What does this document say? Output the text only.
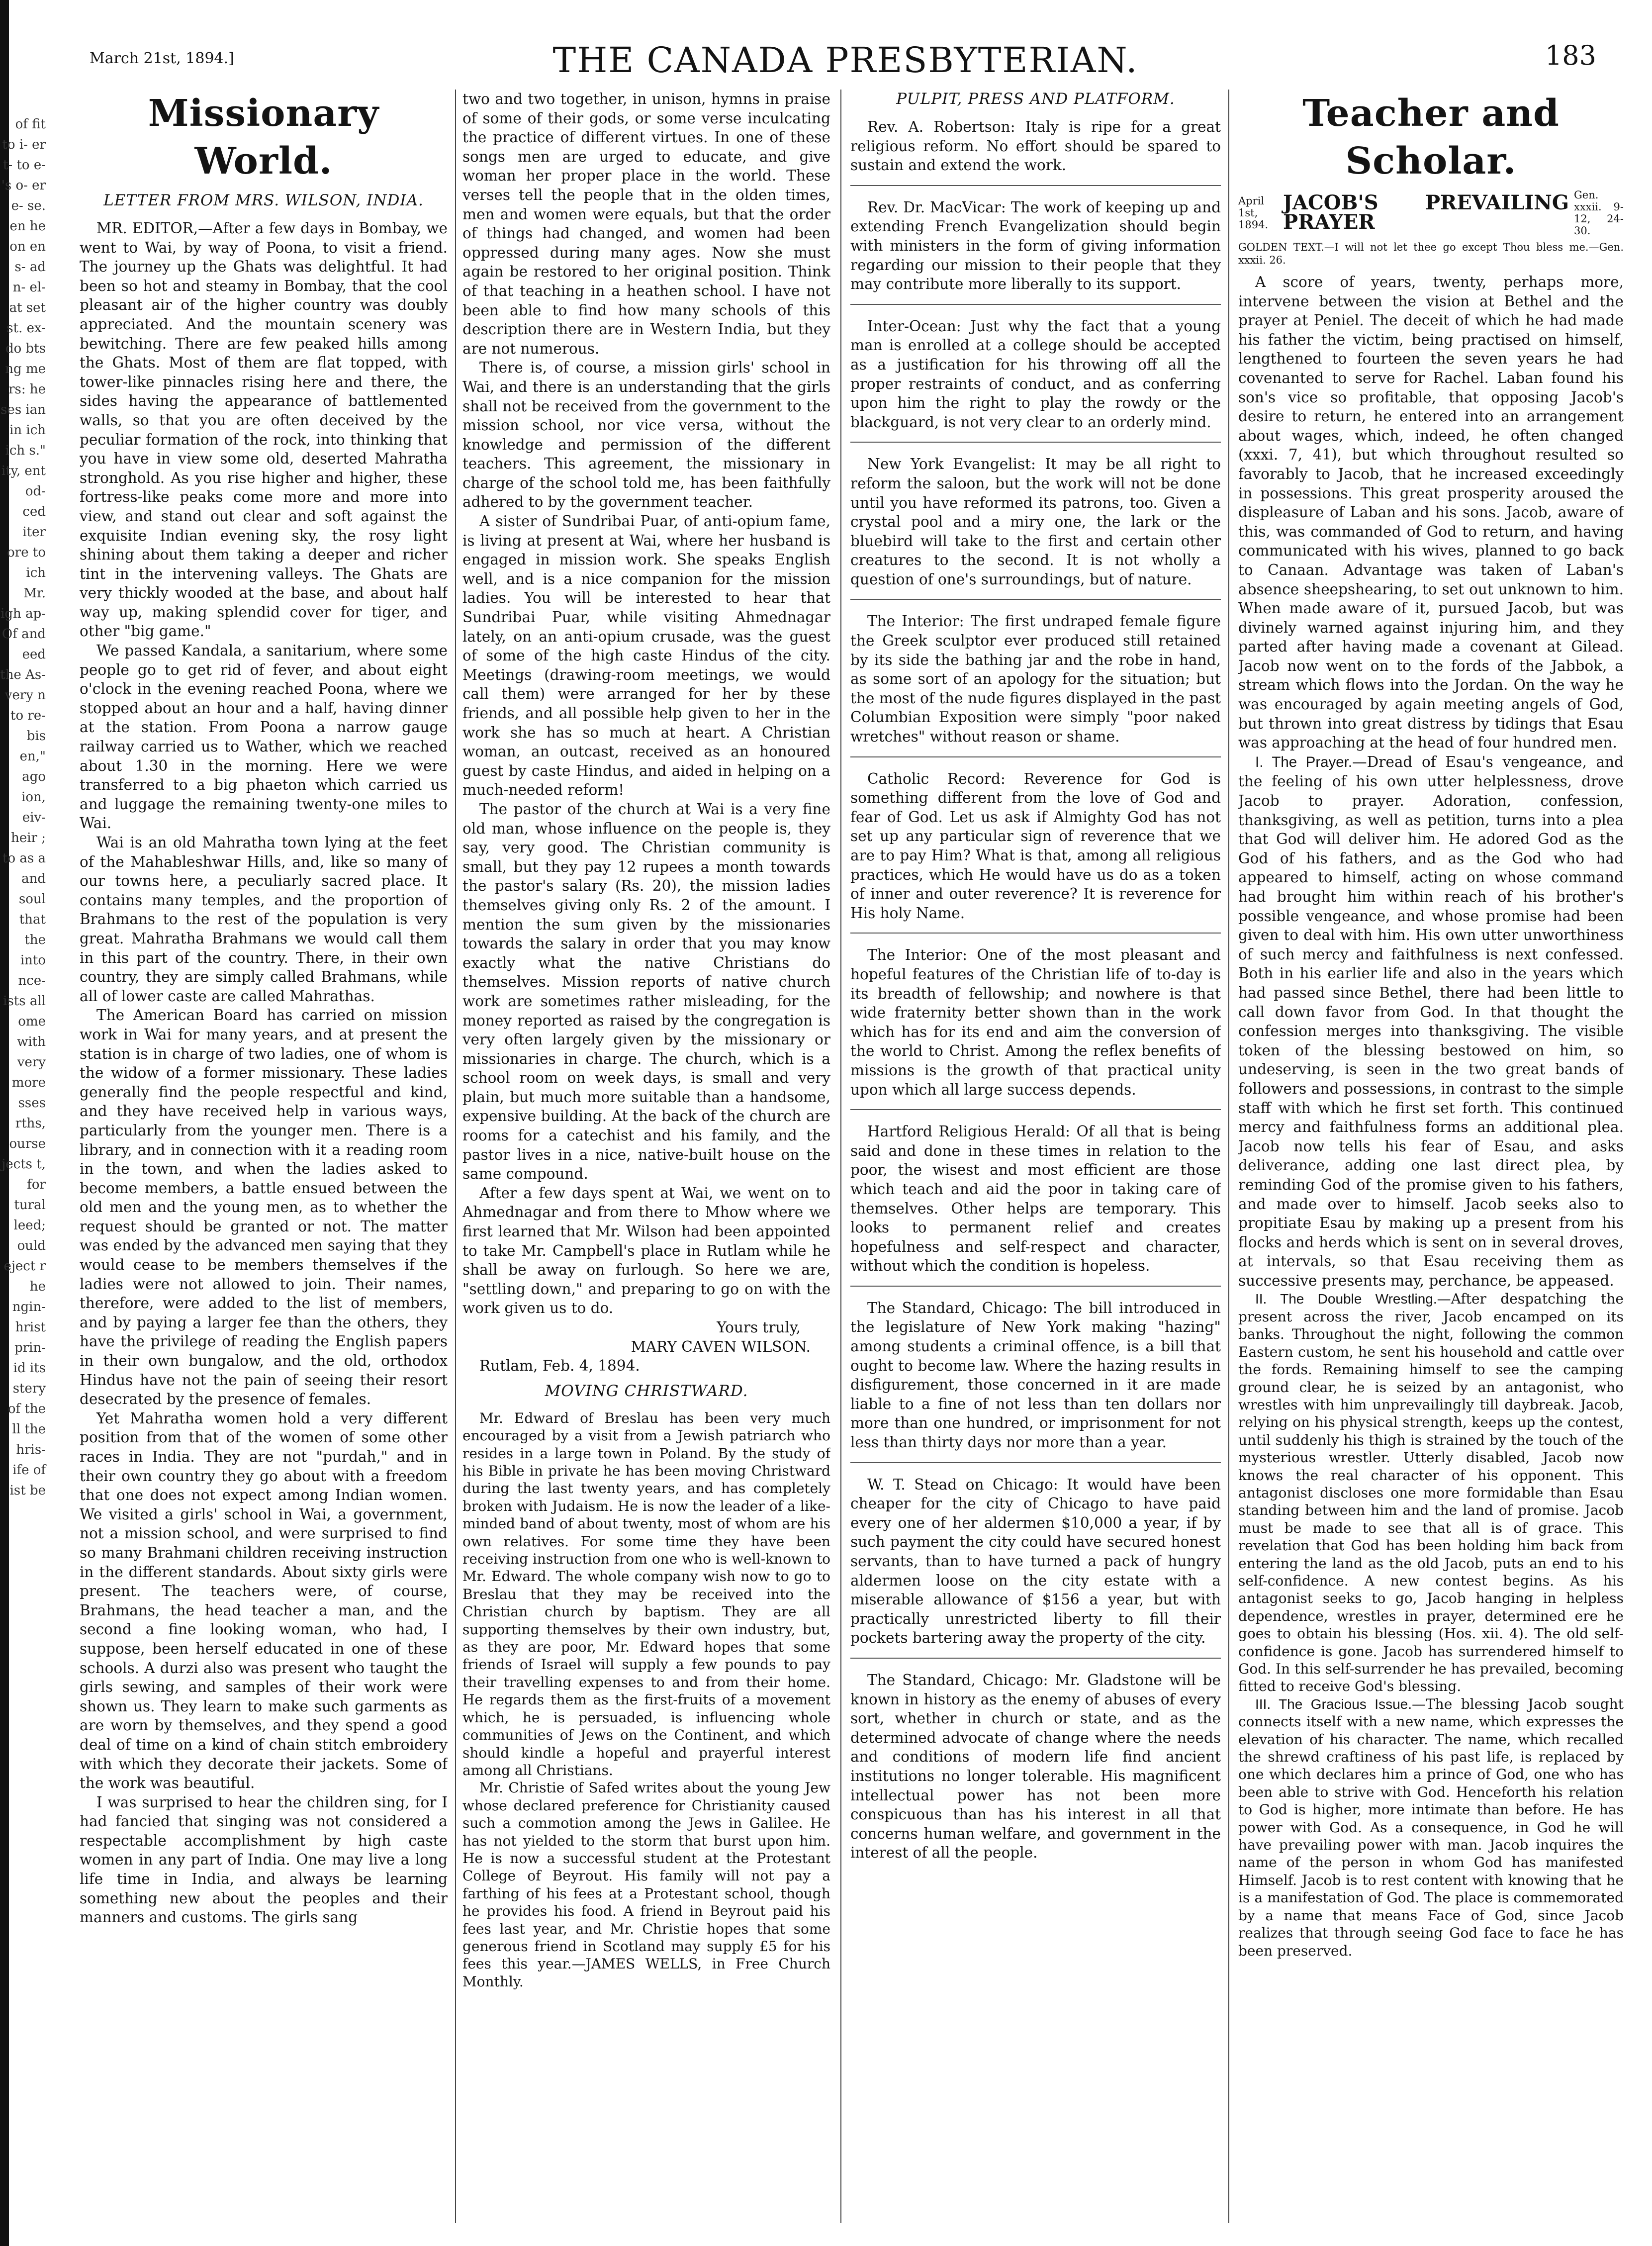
of fit to i- er t- to e- 's o- er e- se. en he on en s- ad n- el- at set st. ex- do bts ng me rs: he ses ian in ich ich s." ity, ent od- ced iter ore to ich Mr. igh ap- Of and eed the As- very n to re- bis en," ago ion, eiv- heir ; to as a and soul that the into nce- ists all ome with very more sses rths, ourse jects t, for tural leed; ould eject r he ngin- hrist prin- id its stery of the ll the hris- ife of ist be
March 21st, 1894.]	THE CANADA PRESBYTERIAN.	183
Missionary World.
LETTER FROM MRS. WILSON, INDIA.

MR. EDITOR,—After a few days in Bombay, we went to Wai, by way of Poona, to visit a friend. The journey up the Ghats was delightful. It had been so hot and steamy in Bombay, that the cool pleasant air of the higher country was doubly appreciated. And the mountain scenery was bewitching. There are few peaked hills among the Ghats. Most of them are flat topped, with tower-like pinnacles rising here and there, the sides having the appearance of battlemented walls, so that you are often deceived by the peculiar formation of the rock, into thinking that you have in view some old, deserted Mahratha stronghold. As you rise higher and higher, these fortress-like peaks come more and more into view, and stand out clear and soft against the exquisite Indian evening sky, the rosy light shining about them taking a deeper and richer tint in the intervening valleys. The Ghats are very thickly wooded at the base, and about half way up, making splendid cover for tiger, and other "big game."

We passed Kandala, a sanitarium, where some people go to get rid of fever, and about eight o'clock in the evening reached Poona, where we stopped about an hour and a half, having dinner at the station. From Poona a narrow gauge railway carried us to Wather, which we reached about 1.30 in the morning. Here we were transferred to a big phaeton which carried us and luggage the remaining twenty-one miles to Wai.

Wai is an old Mahratha town lying at the feet of the Mahableshwar Hills, and, like so many of our towns here, a peculiarly sacred place. It contains many temples, and the proportion of Brahmans to the rest of the population is very great. Mahratha Brahmans we would call them in this part of the country. There, in their own country, they are simply called Brahmans, while all of lower caste are called Mahrathas.

The American Board has carried on mission work in Wai for many years, and at present the station is in charge of two ladies, one of whom is the widow of a former missionary. These ladies generally find the people respectful and kind, and they have received help in various ways, particularly from the younger men. There is a library, and in connection with it a reading room in the town, and when the ladies asked to become members, a battle ensued between the old men and the young men, as to whether the request should be granted or not. The matter was ended by the advanced men saying that they would cease to be members themselves if the ladies were not allowed to join. Their names, therefore, were added to the list of members, and by paying a larger fee than the others, they have the privilege of reading the English papers in their own bungalow, and the old, orthodox Hindus have not the pain of seeing their resort desecrated by the presence of females.

Yet Mahratha women hold a very different position from that of the women of some other races in India. They are not "purdah," and in their own country they go about with a freedom that one does not expect among Indian women. We visited a girls' school in Wai, a government, not a mission school, and were surprised to find so many Brahmani children receiving instruction in the different standards. About sixty girls were present. The teachers were, of course, Brahmans, the head teacher a man, and the second a fine looking woman, who had, I suppose, been herself educated in one of these schools. A durzi also was present who taught the girls sewing, and samples of their work were shown us. They learn to make such garments as are worn by themselves, and they spend a good deal of time on a kind of chain stitch embroidery with which they decorate their jackets. Some of the work was beautiful.

I was surprised to hear the children sing, for I had fancied that singing was not considered a respectable accomplishment by high caste women in any part of India. One may live a long life time in India, and always be learning something new about the peoples and their manners and customs. The girls sang

two and two together, in unison, hymns in praise of some of their gods, or some verse inculcating the practice of different virtues. In one of these songs men are urged to educate, and give woman her proper place in the world. These verses tell the people that in the olden times, men and women were equals, but that the order of things had changed, and women had been oppressed during many ages. Now she must again be restored to her original position. Think of that teaching in a heathen school. I have not been able to find how many schools of this description there are in Western India, but they are not numerous.

There is, of course, a mission girls' school in Wai, and there is an understanding that the girls shall not be received from the government to the mission school, nor vice versa, without the knowledge and permission of the different teachers. This agreement, the missionary in charge of the school told me, has been faithfully adhered to by the government teacher.

A sister of Sundribai Puar, of anti-opium fame, is living at present at Wai, where her husband is engaged in mission work. She speaks English well, and is a nice companion for the mission ladies. You will be interested to hear that Sundribai Puar, while visiting Ahmednagar lately, on an anti-opium crusade, was the guest of some of the high caste Hindus of the city. Meetings (drawing-room meetings, we would call them) were arranged for her by these friends, and all possible help given to her in the work she has so much at heart. A Christian woman, an outcast, received as an honoured guest by caste Hindus, and aided in helping on a much-needed reform!

The pastor of the church at Wai is a very fine old man, whose influence on the people is, they say, very good. The Christian community is small, but they pay 12 rupees a month towards the pastor's salary (Rs. 20), the mission ladies themselves giving only Rs. 2 of the amount. I mention the sum given by the missionaries towards the salary in order that you may know exactly what the native Christians do themselves. Mission reports of native church work are sometimes rather misleading, for the money reported as raised by the congregation is very often largely given by the missionary or missionaries in charge. The church, which is a school room on week days, is small and very plain, but much more suitable than a handsome, expensive building. At the back of the church are rooms for a catechist and his family, and the pastor lives in a nice, native-built house on the same compound.

After a few days spent at Wai, we went on to Ahmednagar and from there to Mhow where we first learned that Mr. Wilson had been appointed to take Mr. Campbell's place in Rutlam while he shall be away on furlough. So here we are, "settling down," and preparing to go on with the work given us to do.

Yours truly,
MARY CAVEN WILSON.
Rutlam, Feb. 4, 1894.
MOVING CHRISTWARD.

Mr. Edward of Breslau has been very much encouraged by a visit from a Jewish patriarch who resides in a large town in Poland. By the study of his Bible in private he has been moving Christward during the last twenty years, and has completely broken with Judaism. He is now the leader of a like-minded band of about twenty, most of whom are his own relatives. For some time they have been receiving instruction from one who is well-known to Mr. Edward. The whole company wish now to go to Breslau that they may be received into the Christian church by baptism. They are all supporting themselves by their own industry, but, as they are poor, Mr. Edward hopes that some friends of Israel will supply a few pounds to pay their travelling expenses to and from their home. He regards them as the first-fruits of a movement which, he is persuaded, is influencing whole communities of Jews on the Continent, and which should kindle a hopeful and prayerful interest among all Christians.

Mr. Christie of Safed writes about the young Jew whose declared preference for Christianity caused such a commotion among the Jews in Galilee. He has not yielded to the storm that burst upon him. He is now a successful student at the Protestant College of Beyrout. His family will not pay a farthing of his fees at a Protestant school, though he provides his food. A friend in Beyrout paid his fees last year, and Mr. Christie hopes that some generous friend in Scotland may supply £5 for his fees this year.—JAMES WELLS, in Free Church Monthly.

PULPIT, PRESS AND PLATFORM.

Rev. A. Robertson: Italy is ripe for a great religious reform. No effort should be spared to sustain and extend the work.

Rev. Dr. MacVicar: The work of keeping up and extending French Evangelization should begin with ministers in the form of giving information regarding our mission to their people that they may contribute more liberally to its support.

Inter-Ocean: Just why the fact that a young man is enrolled at a college should be accepted as a justification for his throwing off all the proper restraints of conduct, and as conferring upon him the right to play the rowdy or the blackguard, is not very clear to an orderly mind.

New York Evangelist: It may be all right to reform the saloon, but the work will not be done until you have reformed its patrons, too. Given a crystal pool and a miry one, the lark or the bluebird will take to the first and certain other creatures to the second. It is not wholly a question of one's surroundings, but of nature.

The Interior: The first undraped female figure the Greek sculptor ever produced still retained by its side the bathing jar and the robe in hand, as some sort of an apology for the situation; but the most of the nude figures displayed in the past Columbian Exposition were simply "poor naked wretches" without reason or shame.

Catholic Record: Reverence for God is something different from the love of God and fear of God. Let us ask if Almighty God has not set up any particular sign of reverence that we are to pay Him? What is that, among all religious practices, which He would have us do as a token of inner and outer reverence? It is reverence for His holy Name.

The Interior: One of the most pleasant and hopeful features of the Christian life of to-day is its breadth of fellowship; and nowhere is that wide fraternity better shown than in the work which has for its end and aim the conversion of the world to Christ. Among the reflex benefits of missions is the growth of that practical unity upon which all large success depends.

Hartford Religious Herald: Of all that is being said and done in these times in relation to the poor, the wisest and most efficient are those which teach and aid the poor in taking care of themselves. Other helps are temporary. This looks to permanent relief and creates hopefulness and self-respect and character, without which the condition is hopeless.

The Standard, Chicago: The bill introduced in the legislature of New York making "hazing" among students a criminal offence, is a bill that ought to become law. Where the hazing results in disfigurement, those concerned in it are made liable to a fine of not less than ten dollars nor more than one hundred, or imprisonment for not less than thirty days nor more than a year.

W. T. Stead on Chicago: It would have been cheaper for the city of Chicago to have paid every one of her aldermen $10,000 a year, if by such payment the city could have secured honest servants, than to have turned a pack of hungry aldermen loose on the city estate with a miserable allowance of $156 a year, but with practically unrestricted liberty to fill their pockets bartering away the property of the city.

The Standard, Chicago: Mr. Gladstone will be known in history as the enemy of abuses of every sort, whether in church or state, and as the determined advocate of change where the needs and conditions of modern life find ancient institutions no longer tolerable. His magnificent intellectual power has not been more conspicuous than has his interest in all that concerns human welfare, and government in the interest of all the people.

Teacher and Scholar.
April 1st, 1894.
JACOB'S PREVAILING PRAYER
Gen. xxxii. 9-12, 24-30.
GOLDEN TEXT.—I will not let thee go except Thou bless me.—Gen. xxxii. 26.

A score of years, twenty, perhaps more, intervene between the vision at Bethel and the prayer at Peniel. The deceit of which he had made his father the victim, being practised on himself, lengthened to fourteen the seven years he had covenanted to serve for Rachel. Laban found his son's vice so profitable, that opposing Jacob's desire to return, he entered into an arrangement about wages, which, indeed, he often changed (xxxi. 7, 41), but which throughout resulted so favorably to Jacob, that he increased exceedingly in possessions. This great prosperity aroused the displeasure of Laban and his sons. Jacob, aware of this, was commanded of God to return, and having communicated with his wives, planned to go back to Canaan. Advantage was taken of Laban's absence sheepshearing, to set out unknown to him. When made aware of it, pursued Jacob, but was divinely warned against injuring him, and they parted after having made a covenant at Gilead. Jacob now went on to the fords of the Jabbok, a stream which flows into the Jordan. On the way he was encouraged by again meeting angels of God, but thrown into great distress by tidings that Esau was approaching at the head of four hundred men.

I. The Prayer.—Dread of Esau's vengeance, and the feeling of his own utter helplessness, drove Jacob to prayer. Adoration, confession, thanksgiving, as well as petition, turns into a plea that God will deliver him. He adored God as the God of his fathers, and as the God who had appeared to himself, acting on whose command had brought him within reach of his brother's possible vengeance, and whose promise had been given to deal with him. His own utter unworthiness of such mercy and faithfulness is next confessed. Both in his earlier life and also in the years which had passed since Bethel, there had been little to call down favor from God. In that thought the confession merges into thanksgiving. The visible token of the blessing bestowed on him, so undeserving, is seen in the two great bands of followers and possessions, in contrast to the simple staff with which he first set forth. This continued mercy and faithfulness forms an additional plea. Jacob now tells his fear of Esau, and asks deliverance, adding one last direct plea, by reminding God of the promise given to his fathers, and made over to himself. Jacob seeks also to propitiate Esau by making up a present from his flocks and herds which is sent on in several droves, at intervals, so that Esau receiving them as successive presents may, perchance, be appeased.

II. The Double Wrestling.—After despatching the present across the river, Jacob encamped on its banks. Throughout the night, following the common Eastern custom, he sent his household and cattle over the fords. Remaining himself to see the camping ground clear, he is seized by an antagonist, who wrestles with him unprevailingly till daybreak. Jacob, relying on his physical strength, keeps up the contest, until suddenly his thigh is strained by the touch of the mysterious wrestler. Utterly disabled, Jacob now knows the real character of his opponent. This antagonist discloses one more formidable than Esau standing between him and the land of promise. Jacob must be made to see that all is of grace. This revelation that God has been holding him back from entering the land as the old Jacob, puts an end to his self-confidence. A new contest begins. As his antagonist seeks to go, Jacob hanging in helpless dependence, wrestles in prayer, determined ere he goes to obtain his blessing (Hos. xii. 4). The old self-confidence is gone. Jacob has surrendered himself to God. In this self-surrender he has prevailed, becoming fitted to receive God's blessing.

III. The Gracious Issue.—The blessing Jacob sought connects itself with a new name, which expresses the elevation of his character. The name, which recalled the shrewd craftiness of his past life, is replaced by one which declares him a prince of God, one who has been able to strive with God. Henceforth his relation to God is higher, more intimate than before. He has power with God. As a consequence, in God he will have prevailing power with man. Jacob inquires the name of the person in whom God has manifested Himself. Jacob is to rest content with knowing that he is a manifestation of God. The place is commemorated by a name that means Face of God, since Jacob realizes that through seeing God face to face he has been preserved.
